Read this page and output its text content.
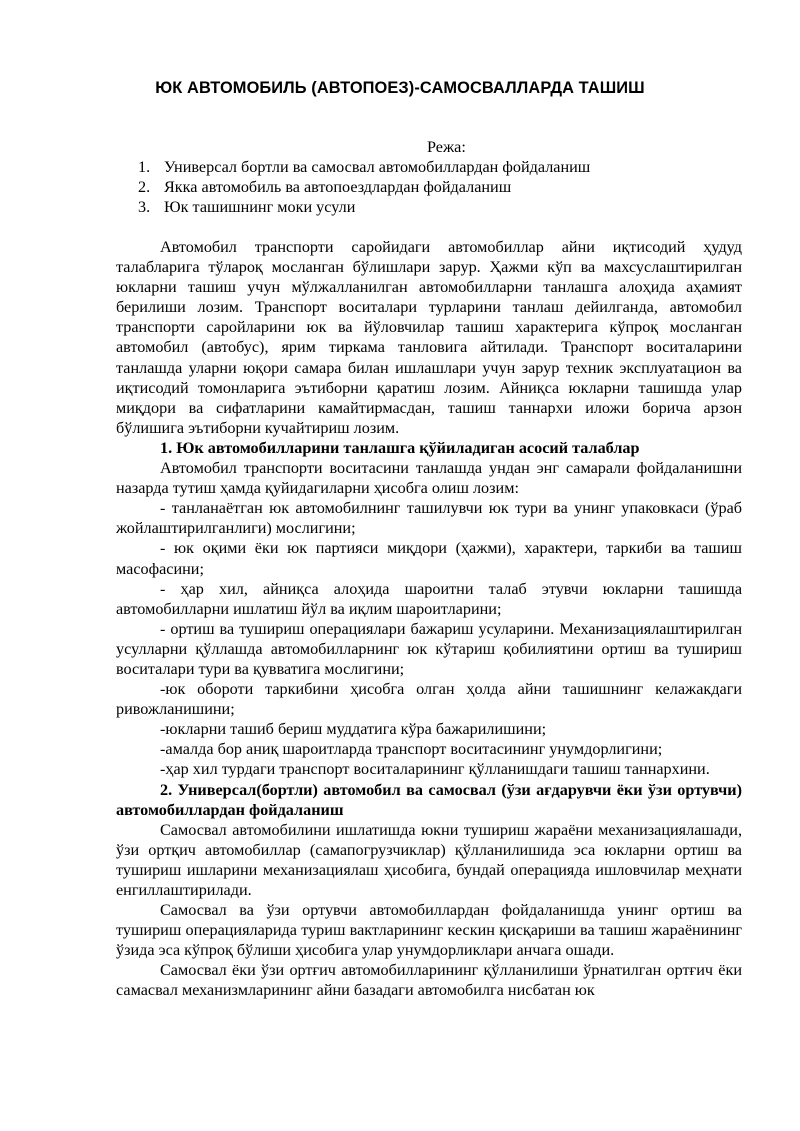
ЮК АВТОМОБИЛЬ (АВТОПОЕЗ)-САМОСВАЛЛАРДА ТАШИШ
Режа:
1. Универсал бортли ва самосвал автомобиллардан фойдаланиш
2. Якка автомобиль ва автопоездлардан фойдаланиш
3. Юк ташишнинг моки усули

Автомобил транспорти саройидаги автомобиллар айни иқтисодий ҳудуд талабларига тўлароқ мосланган бўлишлари зарур. Ҳажми кўп ва махсуслаштирилган юкларни ташиш учун мўлжалланилган автомобилларни танлашга алоҳида аҳамият берилиши лозим. Транспорт воситалари турларини танлаш дейилганда, автомобил транспорти саройларини юк ва йўловчилар ташиш характерига кўпроқ мосланган автомобил (автобус), ярим тиркама танловига айтилади. Транспорт воситаларини танлашда уларни юқори самара билан ишлашлари учун зарур техник эксплуатацион ва иқтисодий томонларига эътиборни қаратиш лозим. Айниқса юкларни ташишда улар миқдори ва сифатларини камайтирмасдан, ташиш таннархи иложи борича арзон бўлишига эътиборни кучайтириш лозим.

1. Юк автомобилларини танлашга қўйиладиган асосий талаблар

Автомобил транспорти воситасини танлашда ундан энг самарали фойдаланишни назарда тутиш ҳамда қуйидагиларни ҳисобга олиш лозим:

- танланаётган юк автомобилнинг ташилувчи юк тури ва унинг упаковкаси (ўраб жойлаштирилганлиги) мослигини;

- юк оқими ёки юк партияси миқдори (ҳажми), характери, таркиби ва ташиш масофасини;

- ҳар хил, айниқса алоҳида шароитни талаб этувчи юкларни ташишда автомобилларни ишлатиш йўл ва иқлим шароитларини;

- ортиш ва тушириш операциялари бажариш усуларини. Механизациялаштирилган усулларни қўллашда автомобилларнинг юк кўтариш қобилиятини ортиш ва тушириш воситалари тури ва қувватига мослигини;

-юк обороти таркибини ҳисобга олган ҳолда айни ташишнинг келажакдаги ривожланишини;

-юкларни ташиб бериш муддатига кўра бажарилишини;

-амалда бор аниқ шароитларда транспорт воситасининг унумдорлигини;

-ҳар хил турдаги транспорт воситаларининг қўлланишдаги ташиш таннархини.

2. Универсал(бортли) автомобил ва самосвал (ўзи ағдарувчи ёки ўзи ортувчи) автомобиллардан фойдаланиш

Самосвал автомобилини ишлатишда юкни тушириш жараёни механизациялашади, ўзи ортқич автомобиллар (самапогрузчиклар) қўлланилишида эса юкларни ортиш ва тушириш ишларини механизациялаш ҳисобига, бундай операцияда ишловчилар меҳнати енгиллаштирилади.

Самосвал ва ўзи ортувчи автомобиллардан фойдаланишда унинг ортиш ва тушириш операцияларида туриш вактларининг кескин қисқариши ва ташиш жараёнининг ўзида эса кўпроқ бўлиши ҳисобига улар унумдорликлари анчага ошади.

Самосвал ёки ўзи ортғич автомобилларининг қўлланилиши ўрнатилган ортғич ёки самасвал механизмларининг айни базадаги автомобилга нисбатан юк
